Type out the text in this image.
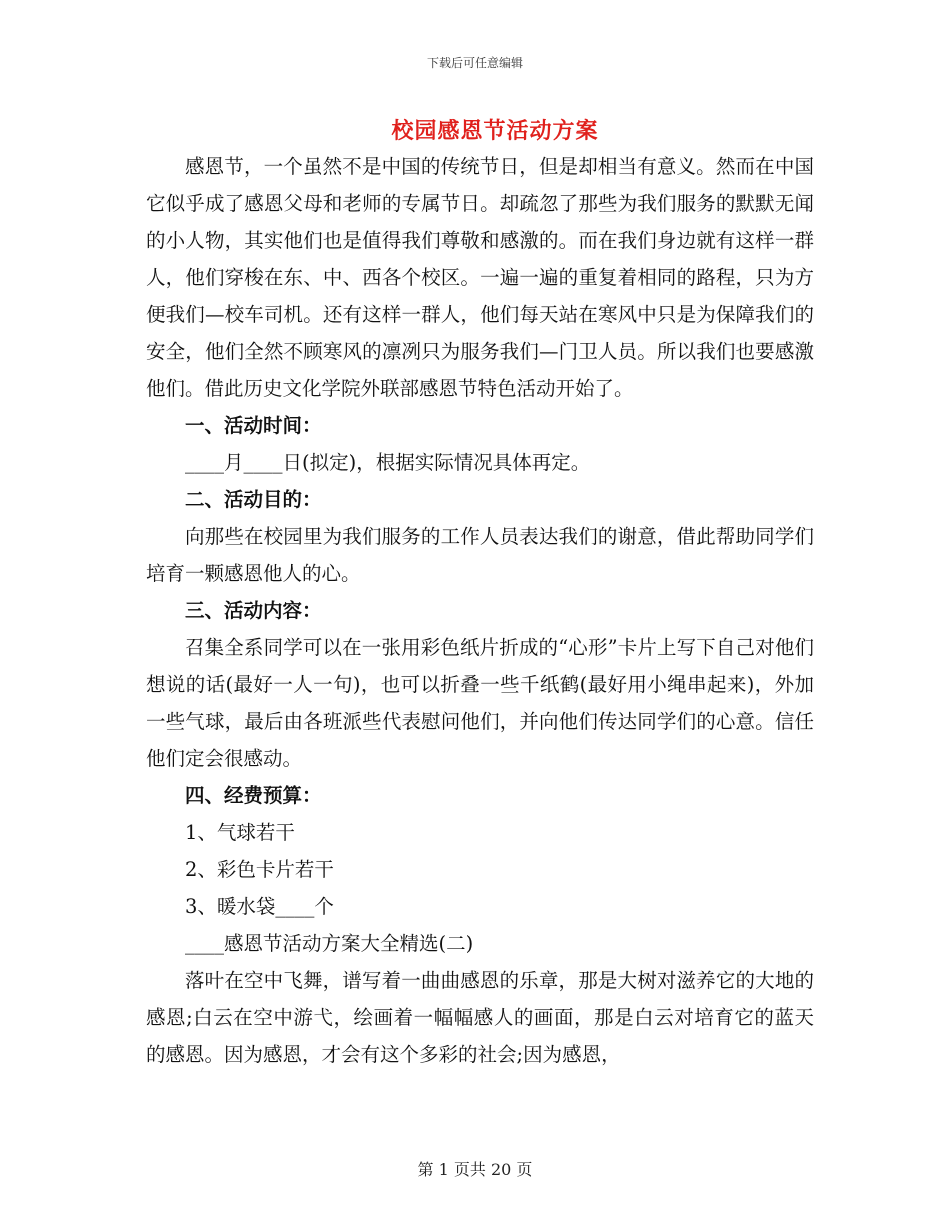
下载后可任意编辑
校园感恩节活动方案

感恩节，一个虽然不是中国的传统节日，但是却相当有意义。然而在中国它似乎成了感恩父母和老师的专属节日。却疏忽了那些为我们服务的默默无闻的小人物，其实他们也是值得我们尊敬和感激的。而在我们身边就有这样一群人，他们穿梭在东、中、西各个校区。一遍一遍的重复着相同的路程，只为方便我们—校车司机。还有这样一群人，他们每天站在寒风中只是为保障我们的安全，他们全然不顾寒风的凛冽只为服务我们—门卫人员。所以我们也要感激他们。借此历史文化学院外联部感恩节特色活动开始了。

一、活动时间：

____月____日(拟定)，根据实际情况具体再定。

二、活动目的：

向那些在校园里为我们服务的工作人员表达我们的谢意，借此帮助同学们培育一颗感恩他人的心。

三、活动内容：

召集全系同学可以在一张用彩色纸片折成的“心形”卡片上写下自己对他们想说的话(最好一人一句)，也可以折叠一些千纸鹤(最好用小绳串起来)，外加一些气球，最后由各班派些代表慰问他们，并向他们传达同学们的心意。信任他们定会很感动。

四、经费预算：

1、气球若干

2、彩色卡片若干

3、暖水袋____个

____感恩节活动方案大全精选(二)

落叶在空中飞舞，谱写着一曲曲感恩的乐章，那是大树对滋养它的大地的感恩;白云在空中游弋，绘画着一幅幅感人的画面，那是白云对培育它的蓝天的感恩。因为感恩，才会有这个多彩的社会;因为感恩，

第 1 页共 20 页
